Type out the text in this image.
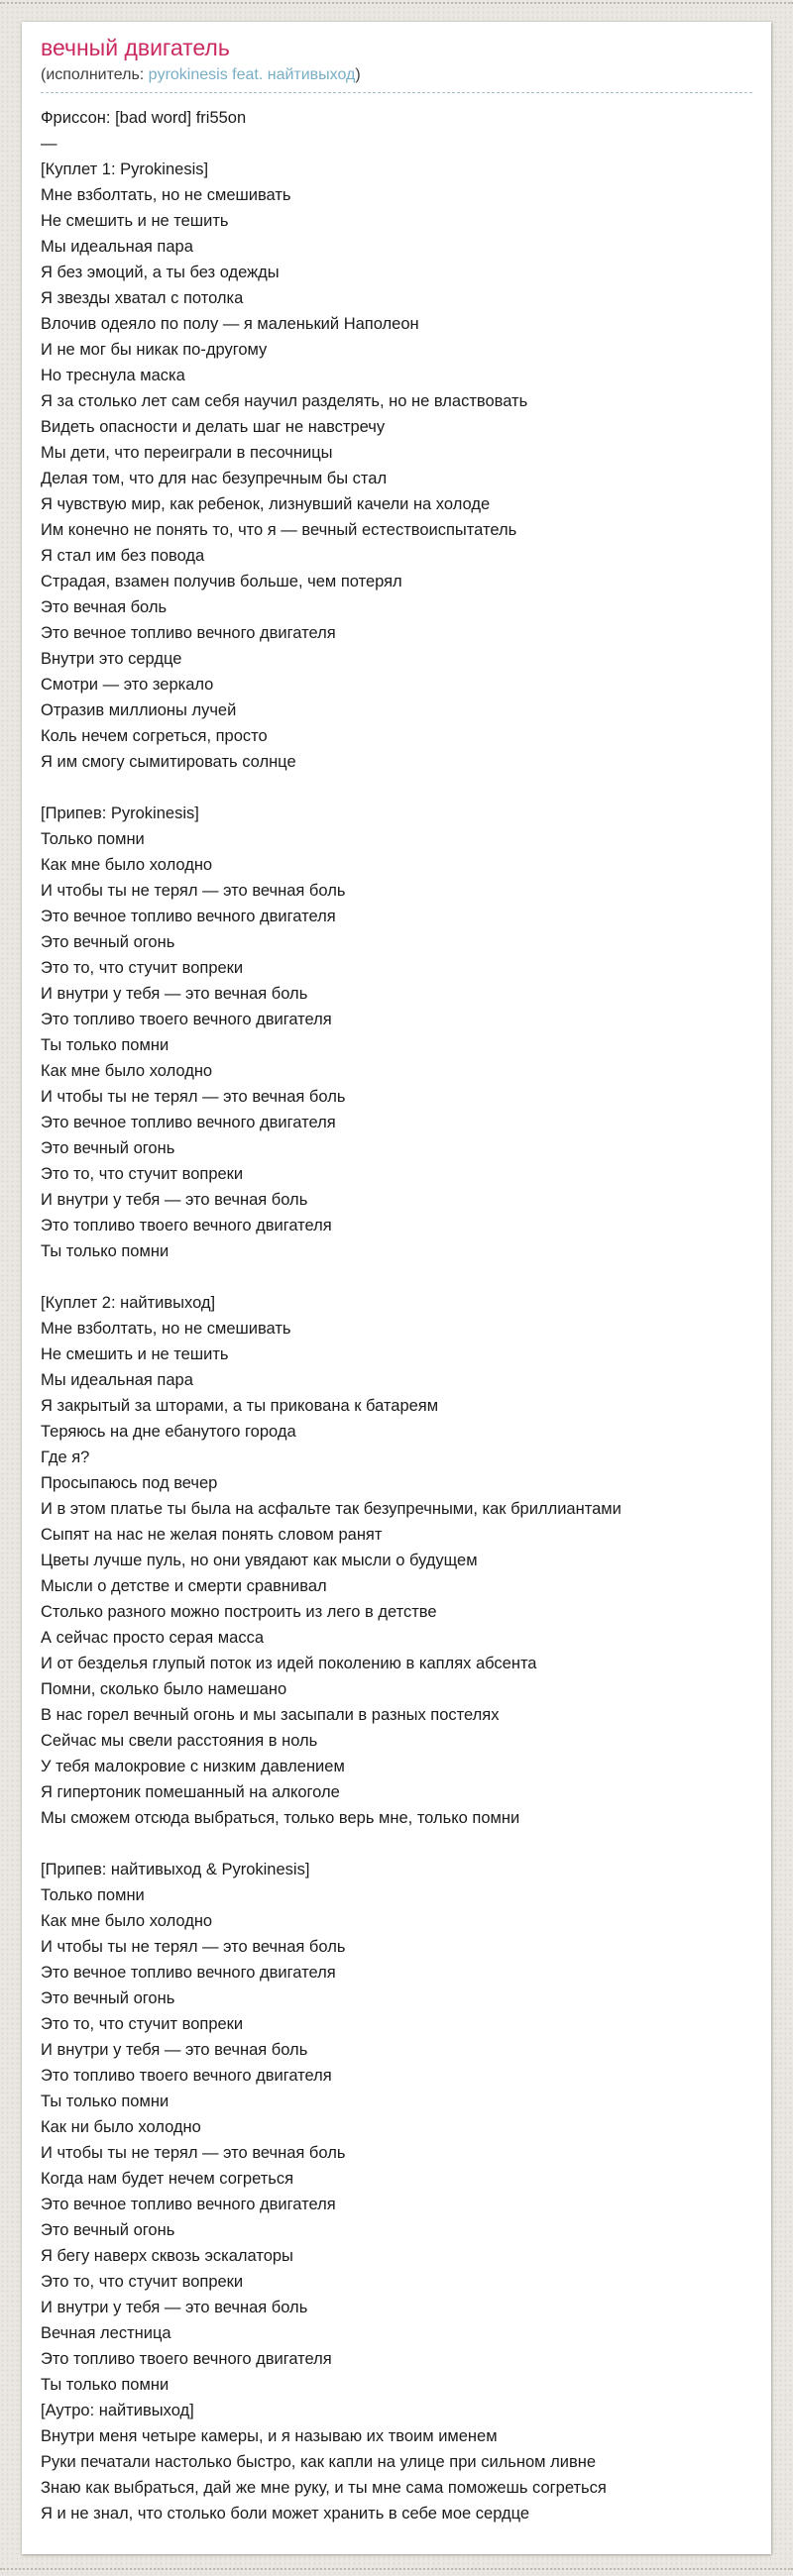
вечный двигатель
(исполнитель: pyrokinesis feat. найтивыход)
Фриссон: [bad word] fri55on
—
[Куплет 1: Pyrokinesis]
Мне взболтать, но не смешивать
Не смешить и не тешить
Мы идеальная пара
Я без эмоций, а ты без одежды
Я звезды хватал с потолка
Влочив одеяло по полу — я маленький Наполеон
И не мог бы никак по-другому
Но треснула маска
Я за столько лет сам себя научил разделять, но не властвовать
Видеть опасности и делать шаг не навстречу
Мы дети, что переиграли в песочницы
Делая том, что для нас безупречным бы стал
Я чувствую мир, как ребенок, лизнувший качели на холоде
Им конечно не понять то, что я — вечный естествоиспытатель
Я стал им без повода
Страдая, взамен получив больше, чем потерял
Это вечная боль
Это вечное топливо вечного двигателя
Внутри это сердце
Смотри — это зеркало
Отразив миллионы лучей
Коль нечем согреться, просто
Я им смогу сымитировать солнце

[Припев: Pyrokinesis]
Только помни
Как мне было холодно
И чтобы ты не терял — это вечная боль
Это вечное топливо вечного двигателя
Это вечный огонь
Это то, что стучит вопреки
И внутри у тебя — это вечная боль
Это топливо твоего вечного двигателя
Ты только помни
Как мне было холодно
И чтобы ты не терял — это вечная боль
Это вечное топливо вечного двигателя
Это вечный огонь
Это то, что стучит вопреки
И внутри у тебя — это вечная боль
Это топливо твоего вечного двигателя
Ты только помни

[Куплет 2: найтивыход]
Мне взболтать, но не смешивать
Не смешить и не тешить
Мы идеальная пара
Я закрытый за шторами, а ты прикована к батареям
Теряюсь на дне ебанутого города
Где я?
Просыпаюсь под вечер
И в этом платье ты была на асфальте так безупречными, как бриллиантами
Сыпят на нас не желая понять словом ранят
Цветы лучше пуль, но они увядают как мысли о будущем
Мысли о детстве и смерти сравнивал
Столько разного можно построить из лего в детстве
А сейчас просто серая масса
И от безделья глупый поток из идей поколению в каплях абсента
Помни, сколько было намешано
В нас горел вечный огонь и мы засыпали в разных постелях
Сейчас мы свели расстояния в ноль
У тебя малокровие с низким давлением
Я гипертоник помешанный на алкоголе
Мы сможем отсюда выбраться, только верь мне, только помни

[Припев: найтивыход & Pyrokinesis]
Только помни
Как мне было холодно
И чтобы ты не терял — это вечная боль
Это вечное топливо вечного двигателя
Это вечный огонь
Это то, что стучит вопреки
И внутри у тебя — это вечная боль
Это топливо твоего вечного двигателя
Ты только помни
Как ни было холодно
И чтобы ты не терял — это вечная боль
Когда нам будет нечем согреться
Это вечное топливо вечного двигателя
Это вечный огонь
Я бегу наверх сквозь эскалаторы
Это то, что стучит вопреки
И внутри у тебя — это вечная боль
Вечная лестница
Это топливо твоего вечного двигателя
Ты только помни
[Аутро: найтивыход]
Внутри меня четыре камеры, и я называю их твоим именем
Руки печатали настолько быстро, как капли на улице при сильном ливне
Знаю как выбраться, дай же мне руку, и ты мне сама поможешь согреться
Я и не знал, что столько боли может хранить в себе мое сердце
